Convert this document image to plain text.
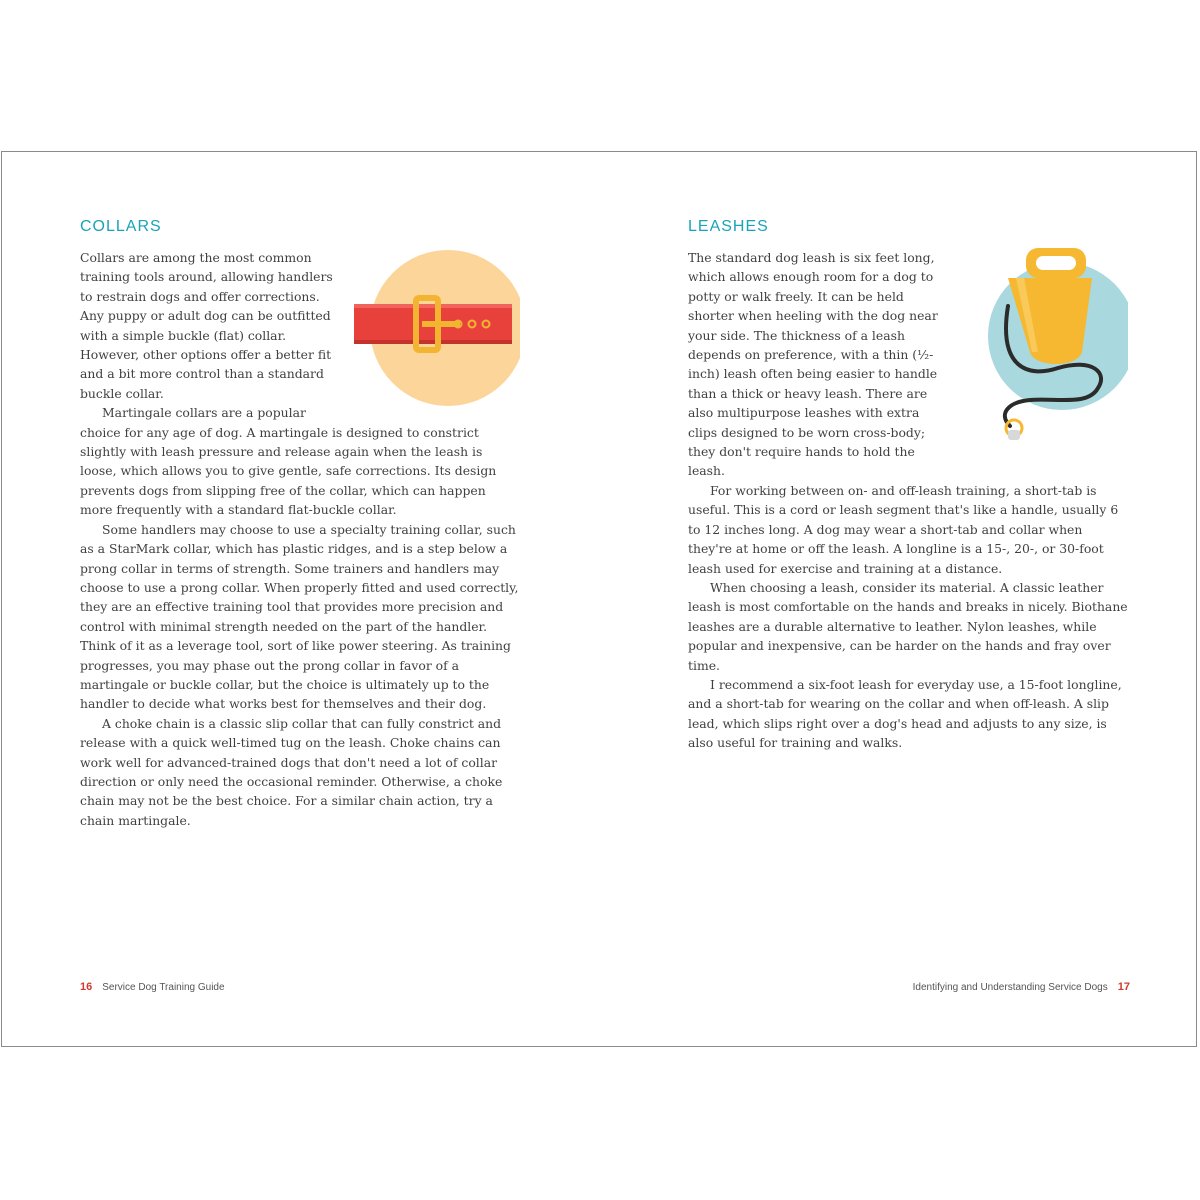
COLLARS

Collars are among the most common training tools around, allowing handlers to restrain dogs and offer corrections. Any puppy or adult dog can be outfitted with a simple buckle (flat) collar. However, other options offer a better fit and a bit more control than a standard buckle collar.

Martingale collars are a popular choice for any age of dog. A martingale is designed to constrict slightly with leash pressure and release again when the leash is loose, which allows you to give gentle, safe corrections. Its design prevents dogs from slipping free of the collar, which can happen more frequently with a standard flat-buckle collar.

Some handlers may choose to use a specialty training collar, such as a StarMark collar, which has plastic ridges, and is a step below a prong collar in terms of strength. Some trainers and handlers may choose to use a prong collar. When properly fitted and used correctly, they are an effective training tool that provides more precision and control with minimal strength needed on the part of the handler. Think of it as a leverage tool, sort of like power steering. As training progresses, you may phase out the prong collar in favor of a martingale or buckle collar, but the choice is ultimately up to the handler to decide what works best for themselves and their dog.

A choke chain is a classic slip collar that can fully constrict and release with a quick well-timed tug on the leash. Choke chains can work well for advanced-trained dogs that don't need a lot of collar direction or only need the occasional reminder. Otherwise, a choke chain may not be the best choice. For a similar chain action, try a chain martingale.

16 Service Dog Training Guide
LEASHES

The standard dog leash is six feet long, which allows enough room for a dog to potty or walk freely. It can be held shorter when heeling with the dog near your side. The thickness of a leash depends on preference, with a thin (½-inch) leash often being easier to handle than a thick or heavy leash. There are also multipurpose leashes with extra clips designed to be worn cross-body; they don't require hands to hold the leash.

For working between on- and off-leash training, a short-tab is useful. This is a cord or leash segment that's like a handle, usually 6 to 12 inches long. A dog may wear a short-tab and collar when they're at home or off the leash. A longline is a 15-, 20-, or 30-foot leash used for exercise and training at a distance.

When choosing a leash, consider its material. A classic leather leash is most comfortable on the hands and breaks in nicely. Biothane leashes are a durable alternative to leather. Nylon leashes, while popular and inexpensive, can be harder on the hands and fray over time.

I recommend a six-foot leash for everyday use, a 15-foot longline, and a short-tab for wearing on the collar and when off-leash. A slip lead, which slips right over a dog's head and adjusts to any size, is also useful for training and walks.

Identifying and Understanding Service Dogs 17
